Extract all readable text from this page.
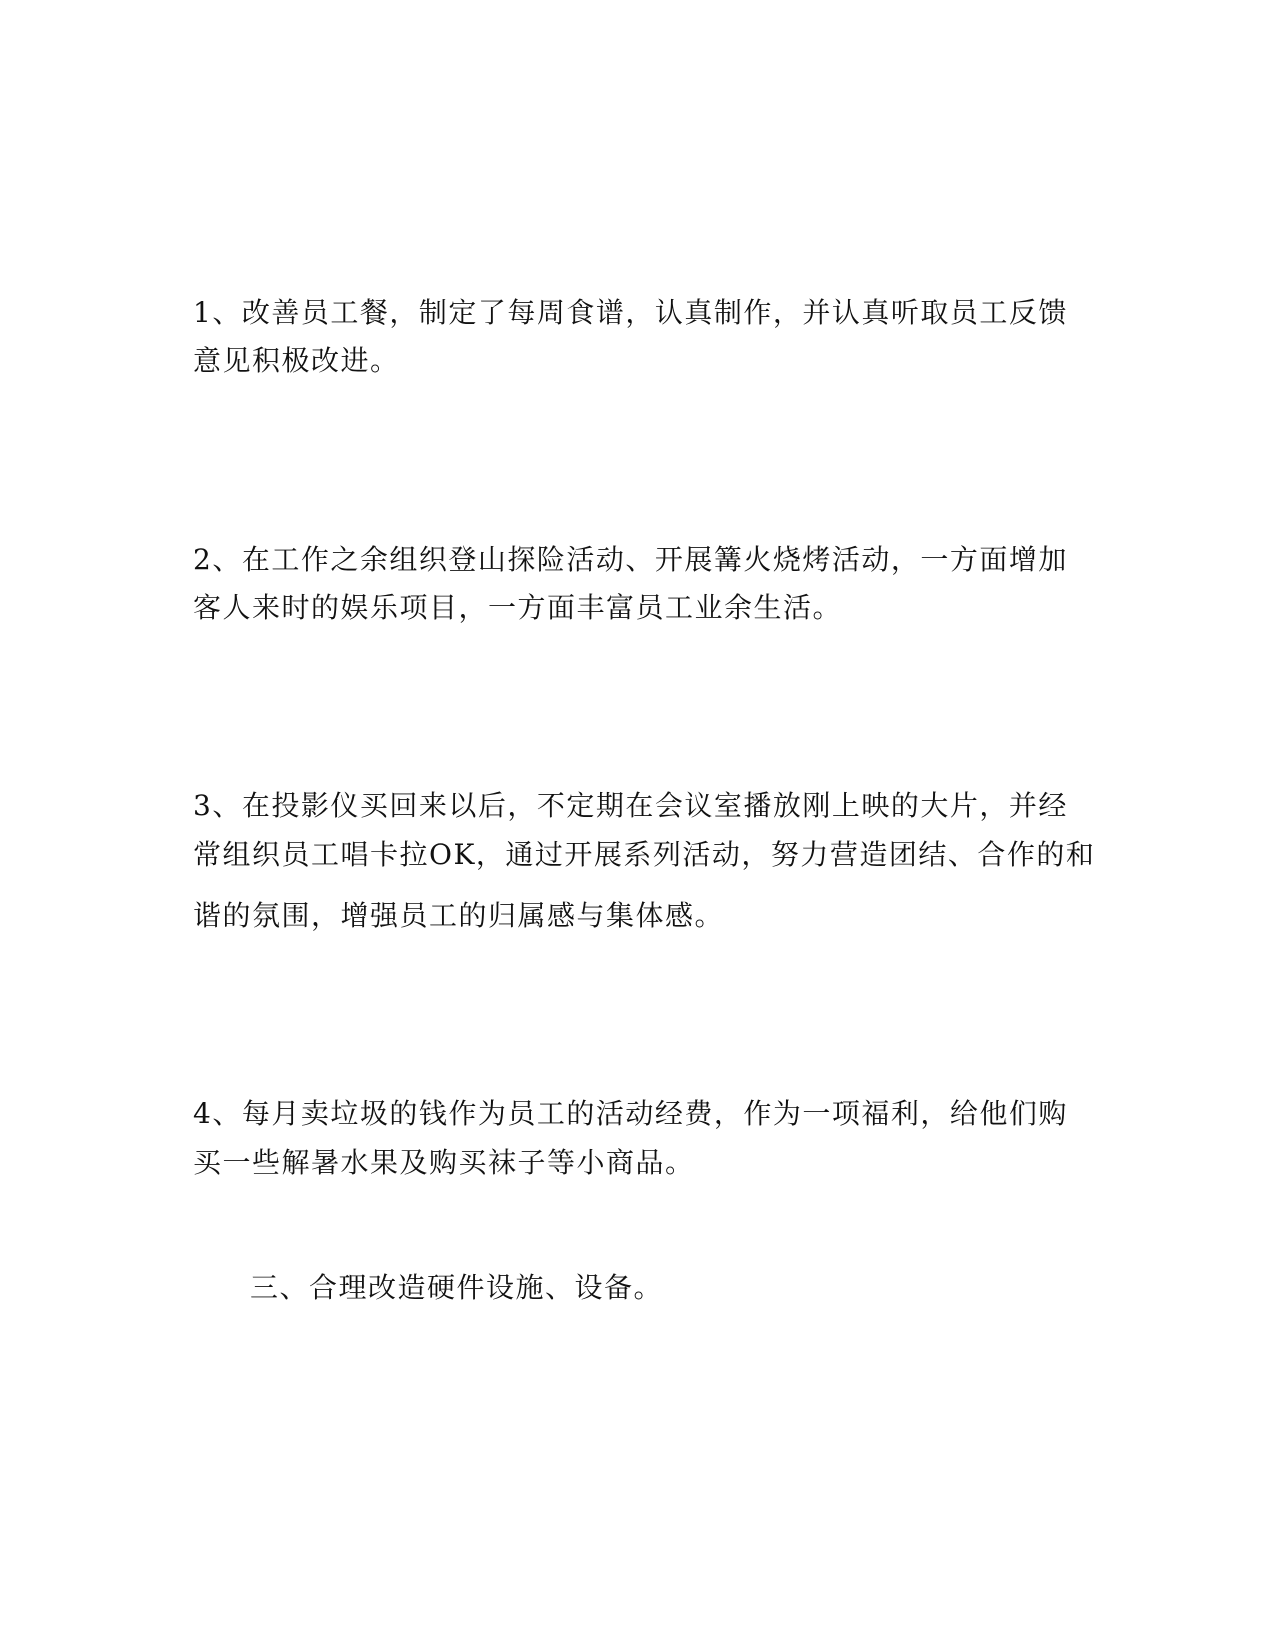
1、改善员工餐，制定了每周食谱，认真制作，并认真听取员工反馈
意见积极改进。
2、在工作之余组织登山探险活动、开展篝火烧烤活动，一方面增加
客人来时的娱乐项目，一方面丰富员工业余生活。
3、在投影仪买回来以后，不定期在会议室播放刚上映的大片，并经
常组织员工唱卡拉OK，通过开展系列活动，努力营造团结、合作的和
谐的氛围，增强员工的归属感与集体感。
4、每月卖垃圾的钱作为员工的活动经费，作为一项福利，给他们购
买一些解暑水果及购买袜子等小商品。
三、合理改造硬件设施、设备。
